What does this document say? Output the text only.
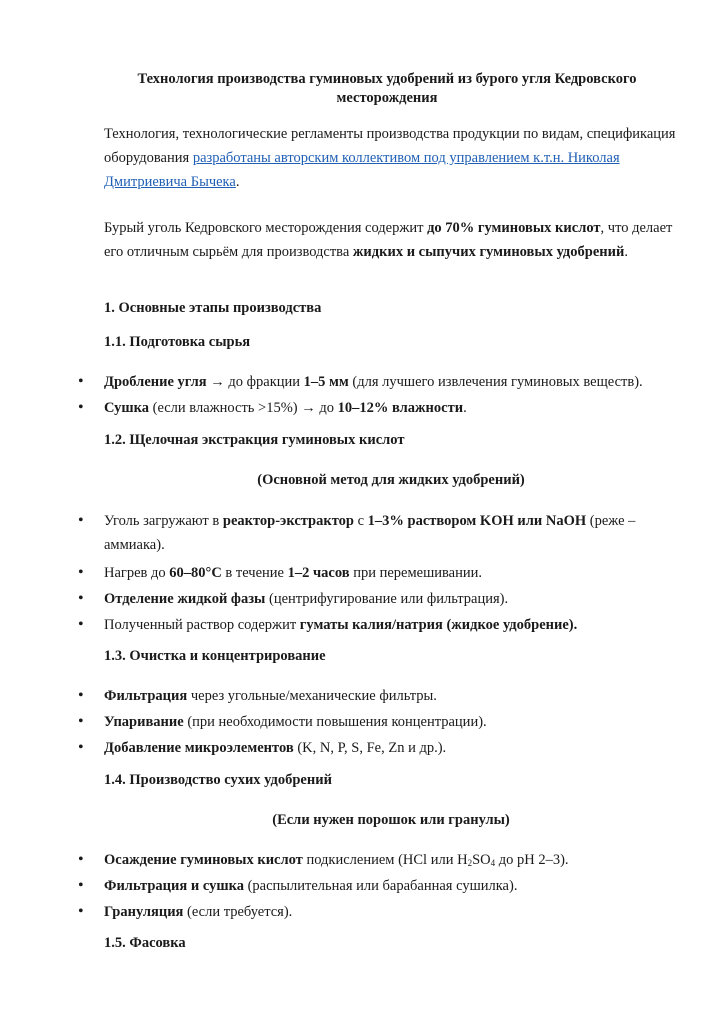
Технология производства гуминовых удобрений из бурого угля Кедровского месторождения
Технология, технологические регламенты производства продукции по видам, спецификация оборудования разработаны авторским коллективом под управлением к.т.н. Николая Дмитриевича Бычека.
Бурый уголь Кедровского месторождения содержит до 70% гуминовых кислот, что делает его отличным сырьём для производства жидких и сыпучих гуминовых удобрений.
1. Основные этапы производства
1.1. Подготовка сырья
• Дробление угля → до фракции 1–5 мм (для лучшего извлечения гуминовых веществ).
• Сушка (если влажность >15%) → до 10–12% влажности.
1.2. Щелочная экстракция гуминовых кислот
(Основной метод для жидких удобрений)
• Уголь загружают в реактор-экстрактор с 1–3% раствором KOH или NaOH (реже – аммиака).
• Нагрев до 60–80°C в течение 1–2 часов при перемешивании.
• Отделение жидкой фазы (центрифугирование или фильтрация).
• Полученный раствор содержит гуматы калия/натрия (жидкое удобрение).
1.3. Очистка и концентрирование
• Фильтрация через угольные/механические фильтры.
• Упаривание (при необходимости повышения концентрации).
• Добавление микроэлементов (K, N, P, S, Fe, Zn и др.).
1.4. Производство сухих удобрений
(Если нужен порошок или гранулы)
• Осаждение гуминовых кислот подкислением (HCl или $H_2SO_4$ до pH 2–3).
• Фильтрация и сушка (распылительная или барабанная сушилка).
• Грануляция (если требуется).
1.5. Фасовка
